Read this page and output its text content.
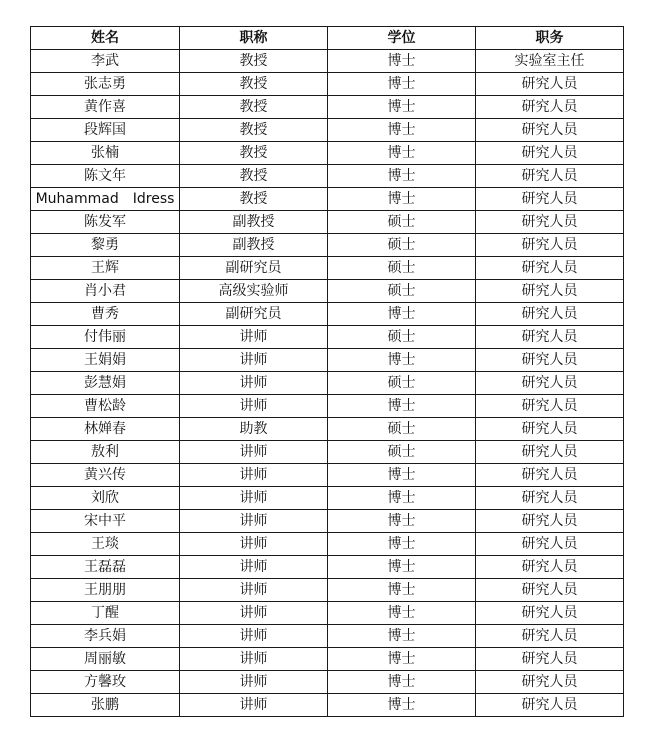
姓名	职称	学位	职务
李武	教授	博士	实验室主任
张志勇	教授	博士	研究人员
黄作喜	教授	博士	研究人员
段辉国	教授	博士	研究人员
张楠	教授	博士	研究人员
陈文年	教授	博士	研究人员
Muhammad　Idress	教授	博士	研究人员
陈发军	副教授	硕士	研究人员
黎勇	副教授	硕士	研究人员
王辉	副研究员	硕士	研究人员
肖小君	高级实验师	硕士	研究人员
曹秀	副研究员	博士	研究人员
付伟丽	讲师	硕士	研究人员
王娟娟	讲师	博士	研究人员
彭慧娟	讲师	硕士	研究人员
曹松龄	讲师	博士	研究人员
林婵春	助教	硕士	研究人员
敖利	讲师	硕士	研究人员
黄兴传	讲师	博士	研究人员
刘欣	讲师	博士	研究人员
宋中平	讲师	博士	研究人员
王琰	讲师	博士	研究人员
王磊磊	讲师	博士	研究人员
王朋朋	讲师	博士	研究人员
丁醒	讲师	博士	研究人员
李兵娟	讲师	博士	研究人员
周丽敏	讲师	博士	研究人员
方馨玫	讲师	博士	研究人员
张鹏	讲师	博士	研究人员
